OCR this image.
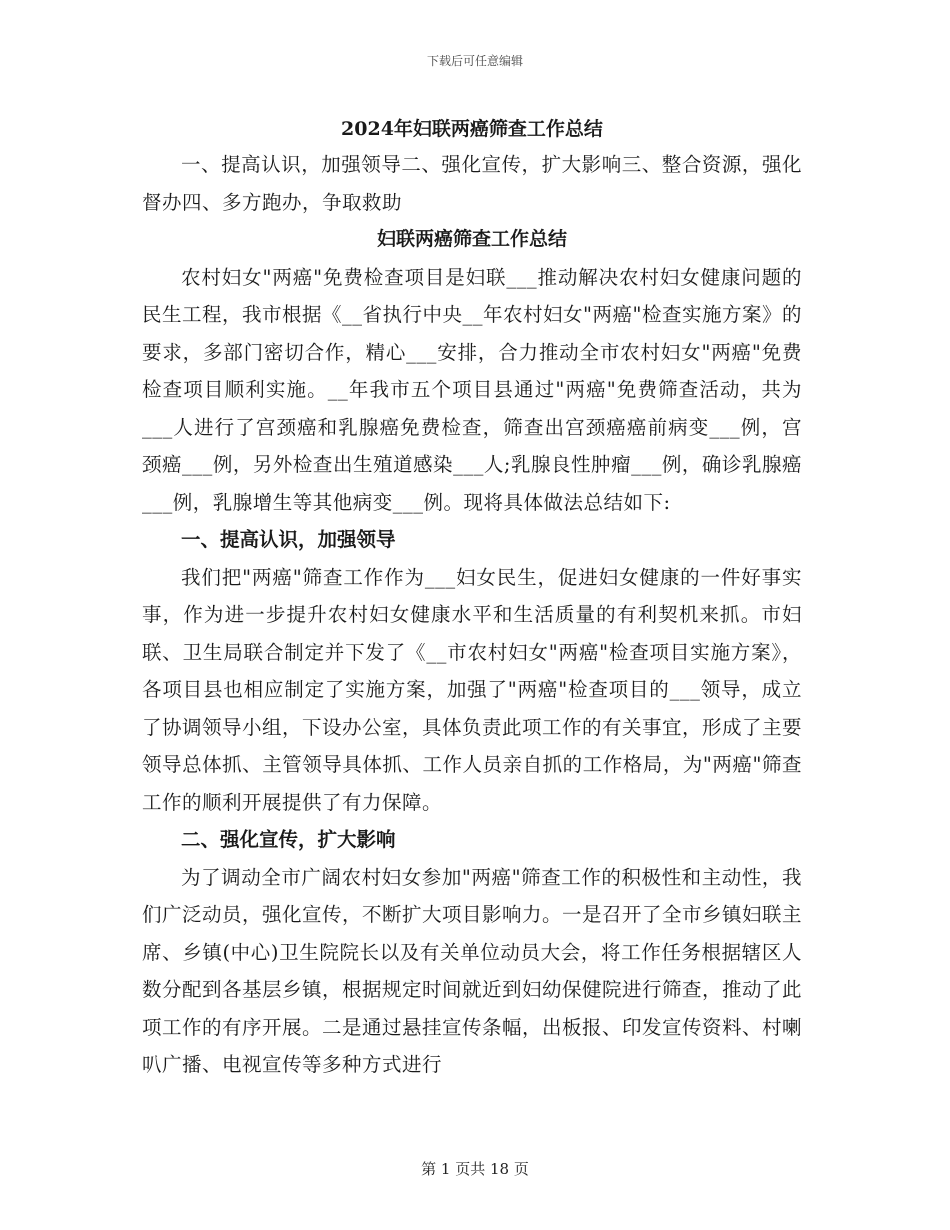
下载后可任意编辑
2024年妇联两癌筛查工作总结

一、提高认识，加强领导二、强化宣传，扩大影响三、整合资源，强化督办四、多方跑办，争取救助

妇联两癌筛查工作总结

农村妇女"两癌"免费检查项目是妇联___推动解决农村妇女健康问题的民生工程，我市根据《__省执行中央__年农村妇女"两癌"检查实施方案》的要求，多部门密切合作，精心___安排，合力推动全市农村妇女"两癌"免费检查项目顺利实施。__年我市五个项目县通过"两癌"免费筛查活动，共为___人进行了宫颈癌和乳腺癌免费检查，筛查出宫颈癌癌前病变___例，宫颈癌___例，另外检查出生殖道感染___人;乳腺良性肿瘤___例，确诊乳腺癌___例，乳腺增生等其他病变___例。现将具体做法总结如下:

一、提高认识，加强领导

我们把"两癌"筛查工作作为___妇女民生，促进妇女健康的一件好事实事，作为进一步提升农村妇女健康水平和生活质量的有利契机来抓。市妇联、卫生局联合制定并下发了《__市农村妇女"两癌"检查项目实施方案》，各项目县也相应制定了实施方案，加强了"两癌"检查项目的___领导，成立了协调领导小组，下设办公室，具体负责此项工作的有关事宜，形成了主要领导总体抓、主管领导具体抓、工作人员亲自抓的工作格局，为"两癌"筛查工作的顺利开展提供了有力保障。

二、强化宣传，扩大影响

为了调动全市广阔农村妇女参加"两癌"筛查工作的积极性和主动性，我们广泛动员，强化宣传，不断扩大项目影响力。一是召开了全市乡镇妇联主席、乡镇(中心)卫生院院长以及有关单位动员大会，将工作任务根据辖区人数分配到各基层乡镇，根据规定时间就近到妇幼保健院进行筛查，推动了此项工作的有序开展。二是通过悬挂宣传条幅，出板报、印发宣传资料、村喇叭广播、电视宣传等多种方式进行

第 1 页共 18 页
